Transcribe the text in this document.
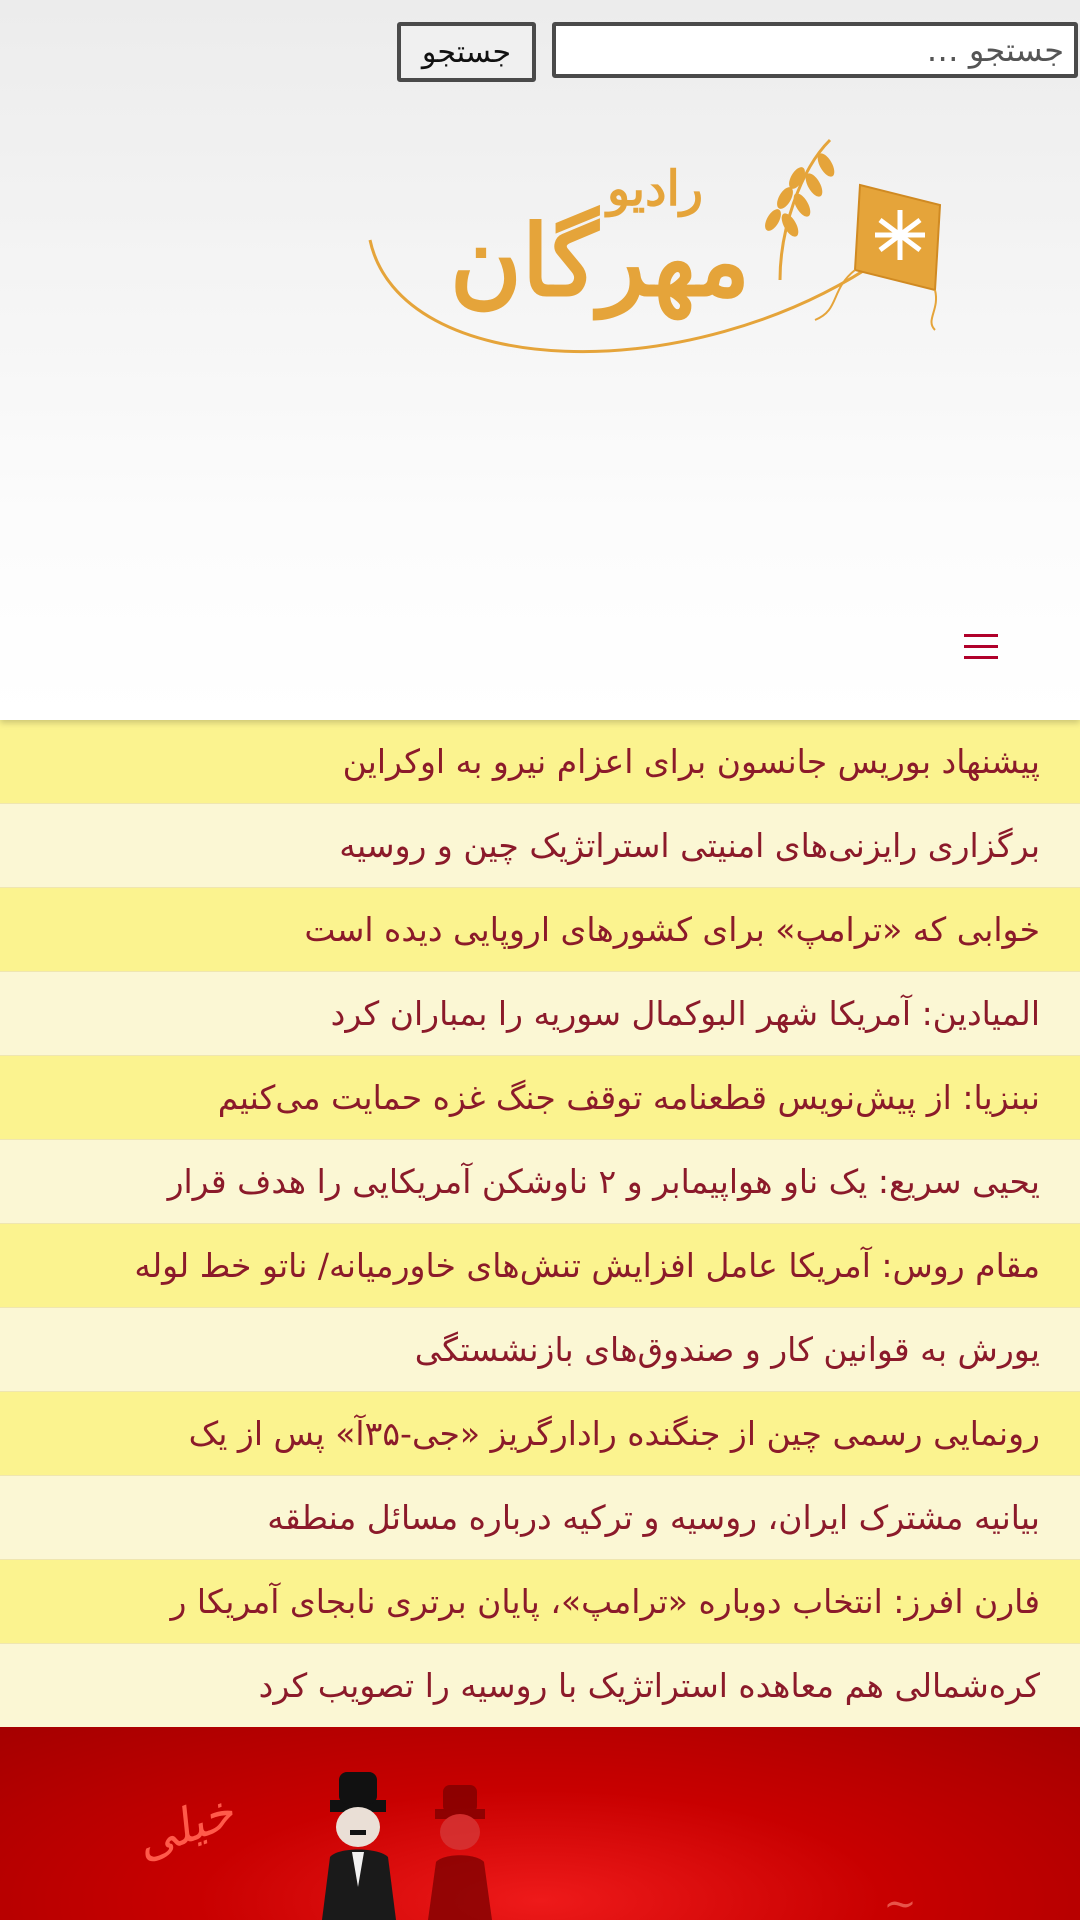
جستجو …
جستجو
رادیو
مهرگان
پیشنهاد بوریس جانسون برای اعزام نیرو به اوکراین
برگزاری رایزنی‌های امنیتی استراتژیک چین و روسیه
خوابی که «ترامپ» برای کشورهای اروپایی دیده است
المیادین: آمریکا شهر البوکمال سوریه را بمباران کرد
نبنزیا: از پیش‌نویس قطعنامه توقف جنگ غزه حمایت می‌کنیم
یحیی سریع: یک ناو هواپیمابر و ۲ ناوشکن آمریکایی را هدف قرار
مقام روس: آمریکا عامل افزایش تنش‌های خاورمیانه/ ناتو خط لوله
یورش به قوانین کار و صندوق‌های بازنشستگی
رونمایی رسمی چین از جنگنده رادارگریز «جی-۳۵آ» پس از یک
بیانیه مشترک ایران، روسیه و ترکیه درباره مسائل منطقه
فارن افرز: انتخاب دوباره «ترامپ»، پایان برتری نابجای آمریکا ر
کره‌شمالی هم معاهده استراتژیک با روسیه را تصویب کرد
خیلی
~
